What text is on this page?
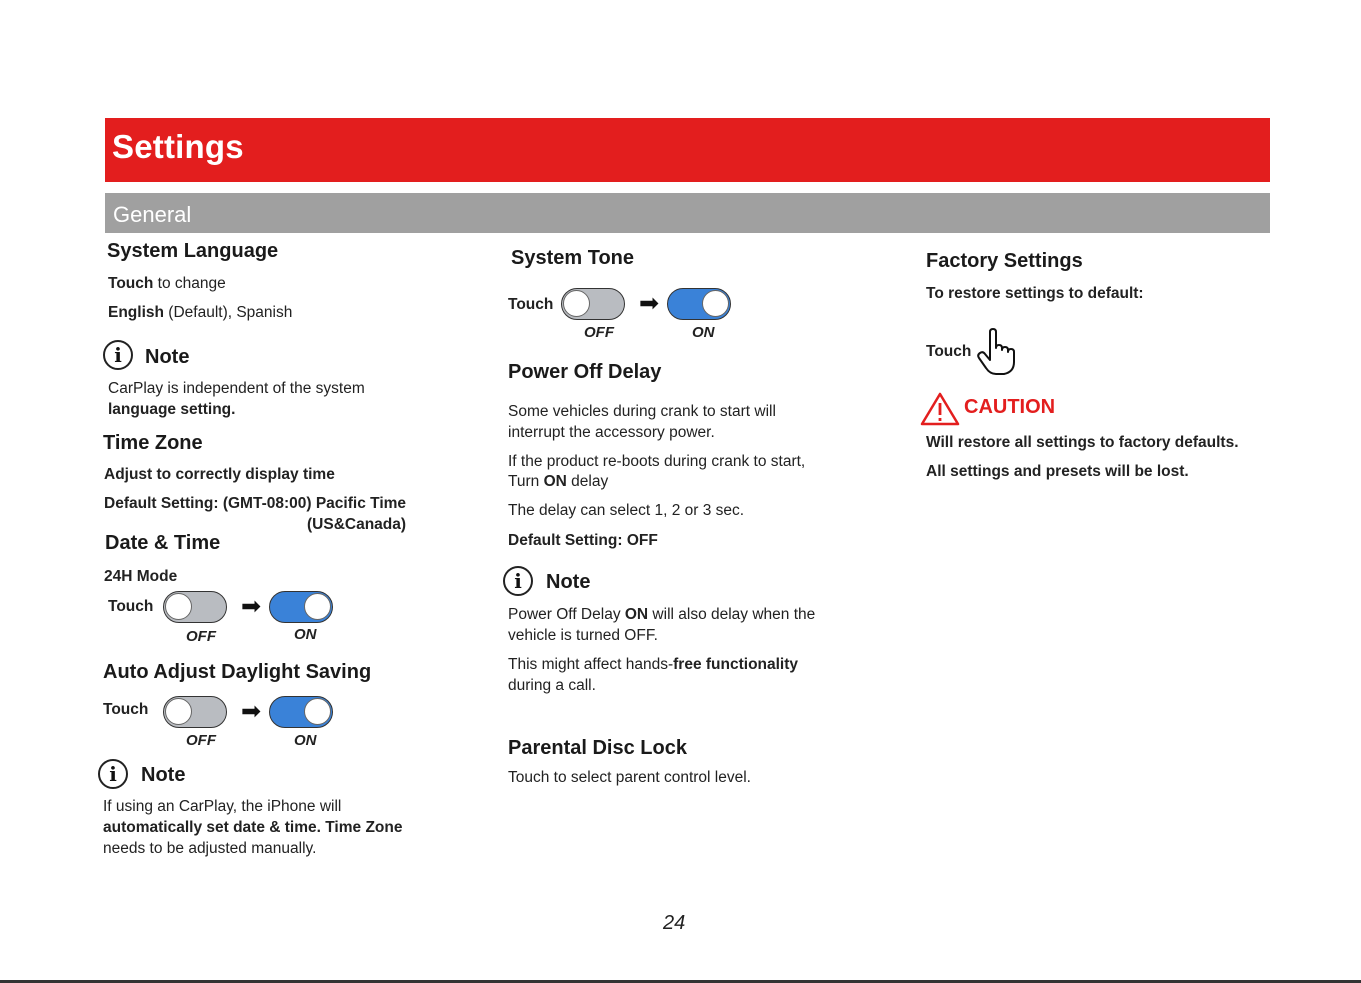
Settings
General
System Language
Touch to change
English (Default), Spanish
i	Note
CarPlay is independent of the system
language setting.
Time Zone
Adjust to correctly display time
Default Setting: (GMT-08:00) Pacific Time
(US&Canada)
Date & Time
24H Mode
Touch	➡
OFF	ON
Auto Adjust Daylight Saving
Touch	➡
OFF	ON
i	Note
If using an CarPlay, the iPhone will
automatically set date & time. Time Zone
needs to be adjusted manually.
System Tone
Touch	➡
OFF	ON
Power Off Delay
Some vehicles during crank to start will
interrupt the accessory power.
If the product re-boots during crank to start,
Turn ON delay
The delay can select 1, 2 or 3 sec.
Default Setting: OFF
i	Note
Power Off Delay ON will also delay when the
vehicle is turned OFF.
This might affect hands-free functionality
during a call.
Parental Disc Lock
Touch to select parent control level.
Factory Settings
To restore settings to default:
Touch
CAUTION
Will restore all settings to factory defaults.
All settings and presets will be lost.
24
